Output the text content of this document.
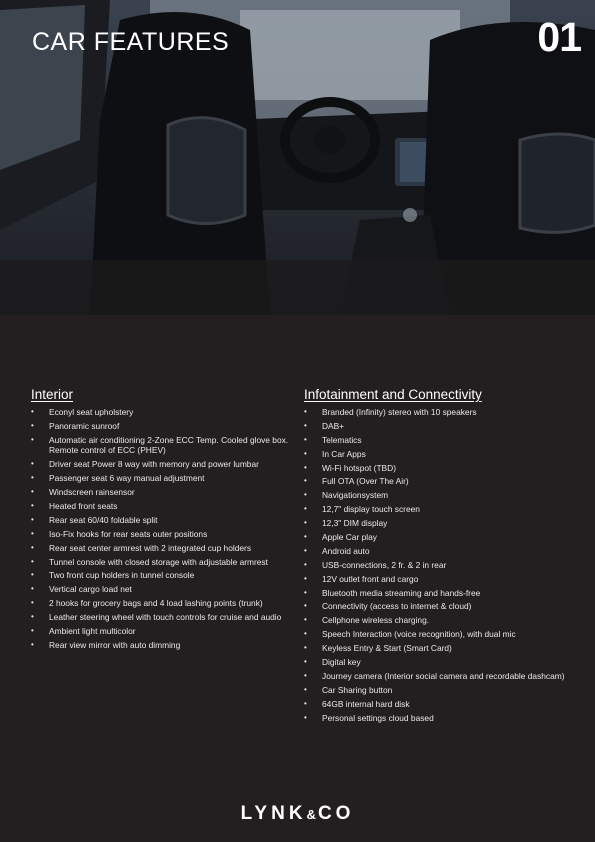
CAR FEATURES	01
Interior
• Econyl seat upholstery
• Panoramic sunroof
• Automatic air conditioning 2-Zone ECC Temp. Cooled glove box. Remote control of ECC (PHEV)
• Driver seat Power 8 way with memory and power lumbar
• Passenger seat 6 way manual adjustment
• Windscreen rainsensor
• Heated front seats
• Rear seat 60/40 foldable split
• Iso-Fix hooks for rear seats outer positions
• Rear seat center armrest with 2 integrated cup holders
• Tunnel console with closed storage with adjustable armrest
• Two front cup holders in tunnel console
• Vertical cargo load net
• 2 hooks for grocery bags and 4 load lashing points (trunk)
• Leather steering wheel with touch controls for cruise and audio
• Ambient light multicolor
• Rear view mirror with auto dimming
Infotainment and Connectivity
• Branded (Infinity) stereo with 10 speakers
• DAB+
• Telematics
• In Car Apps
• Wi-Fi hotspot (TBD)
• Full OTA (Over The Air)
• Navigationsystem
• 12,7" display touch screen
• 12,3" DIM display
• Apple Car play
• Android auto
• USB-connections, 2 fr. & 2 in rear
• 12V outlet front and cargo
• Bluetooth media streaming and hands-free
• Connectivity (access to internet & cloud)
• Cellphone wireless charging.
• Speech Interaction (voice recognition), with dual mic
• Keyless Entry & Start (Smart Card)
• Digital key
• Journey camera (Interior social camera and recordable dashcam)
• Car Sharing button
• 64GB internal hard disk
• Personal settings cloud based
LYNK&CO
